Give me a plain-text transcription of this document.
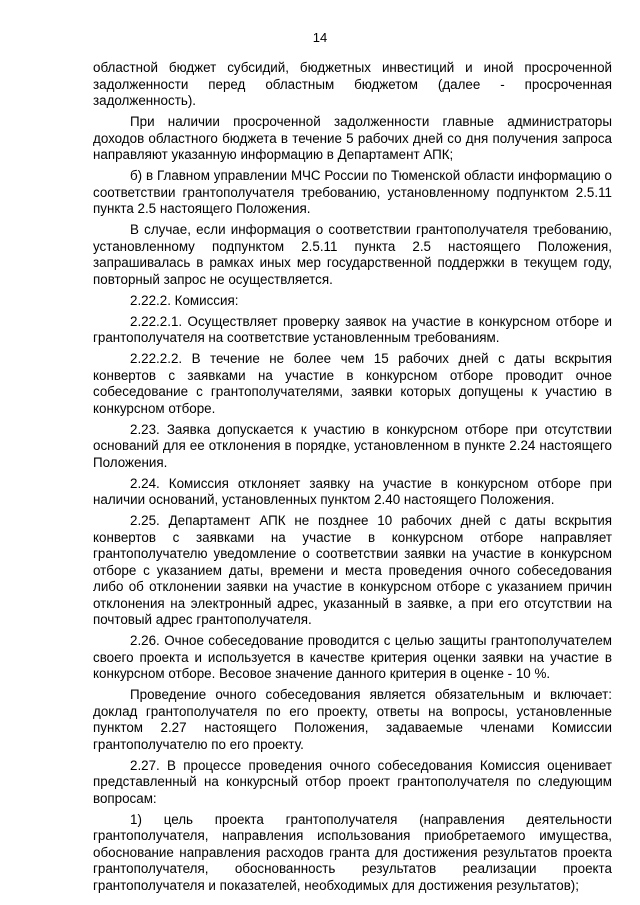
14

областной бюджет субсидий, бюджетных инвестиций и иной просроченной задолженности перед областным бюджетом (далее - просроченная задолженность).

При наличии просроченной задолженности главные администраторы доходов областного бюджета в течение 5 рабочих дней со дня получения запроса направляют указанную информацию в Департамент АПК;

б) в Главном управлении МЧС России по Тюменской области информацию о соответствии грантополучателя требованию, установленному подпунктом 2.5.11 пункта 2.5 настоящего Положения.

В случае, если информация о соответствии грантополучателя требованию, установленному подпунктом 2.5.11 пункта 2.5 настоящего Положения, запрашивалась в рамках иных мер государственной поддержки в текущем году, повторный запрос не осуществляется.

2.22.2. Комиссия:

2.22.2.1. Осуществляет проверку заявок на участие в конкурсном отборе и грантополучателя на соответствие установленным требованиям.

2.22.2.2. В течение не более чем 15 рабочих дней с даты вскрытия конвертов с заявками на участие в конкурсном отборе проводит очное собеседование с грантополучателями, заявки которых допущены к участию в конкурсном отборе.

2.23. Заявка допускается к участию в конкурсном отборе при отсутствии оснований для ее отклонения в порядке, установленном в пункте 2.24 настоящего Положения.

2.24. Комиссия отклоняет заявку на участие в конкурсном отборе при наличии оснований, установленных пунктом 2.40 настоящего Положения.

2.25. Департамент АПК не позднее 10 рабочих дней с даты вскрытия конвертов с заявками на участие в конкурсном отборе направляет грантополучателю уведомление о соответствии заявки на участие в конкурсном отборе с указанием даты, времени и места проведения очного собеседования либо об отклонении заявки на участие в конкурсном отборе с указанием причин отклонения на электронный адрес, указанный в заявке, а при его отсутствии на почтовый адрес грантополучателя.

2.26. Очное собеседование проводится с целью защиты грантополучателем своего проекта и используется в качестве критерия оценки заявки на участие в конкурсном отборе. Весовое значение данного критерия в оценке - 10 %.

Проведение очного собеседования является обязательным и включает: доклад грантополучателя по его проекту, ответы на вопросы, установленные пунктом 2.27 настоящего Положения, задаваемые членами Комиссии грантополучателю по его проекту.

2.27. В процессе проведения очного собеседования Комиссия оценивает представленный на конкурсный отбор проект грантополучателя по следующим вопросам:

1) цель проекта грантополучателя (направления деятельности грантополучателя, направления использования приобретаемого имущества, обоснование направления расходов гранта для достижения результатов проекта грантополучателя, обоснованность результатов реализации проекта грантополучателя и показателей, необходимых для достижения результатов);
